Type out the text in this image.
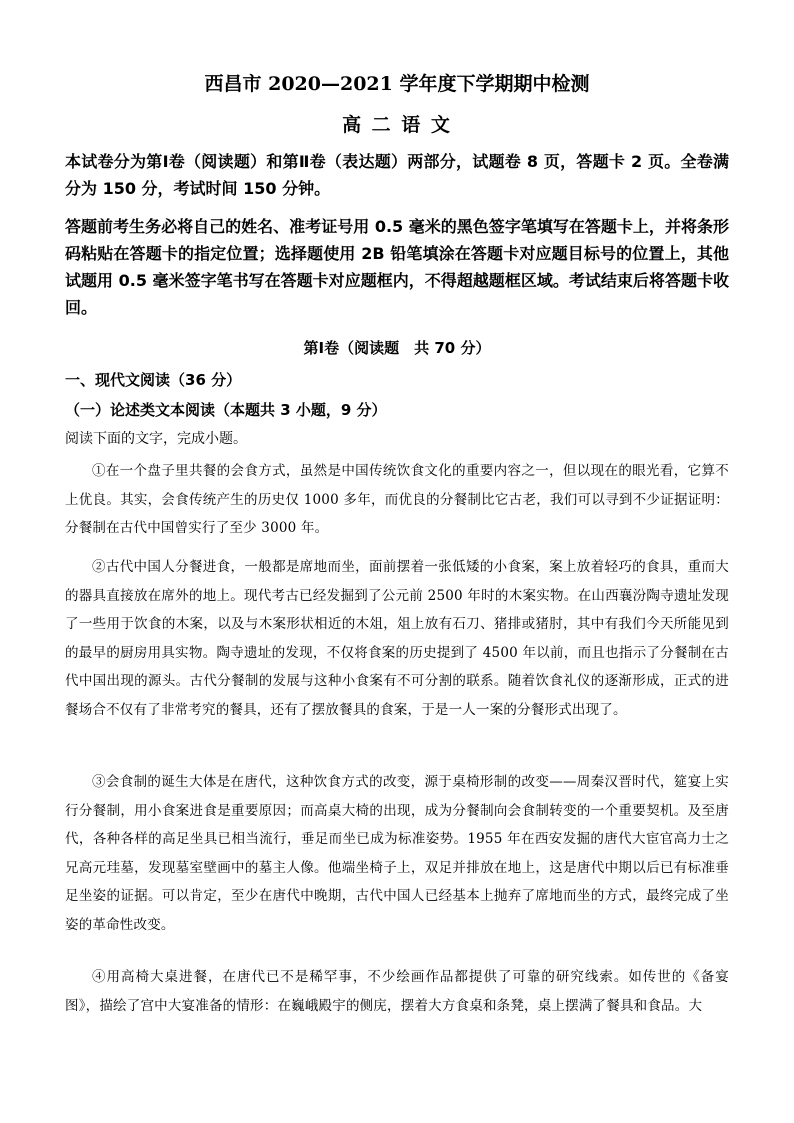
西昌市 2020—2021 学年度下学期期中检测
高 二 语 文
本试卷分为第Ⅰ卷（阅读题）和第Ⅱ卷（表达题）两部分，试题卷 8 页，答题卡 2 页。全卷满分为 150 分，考试时间 150 分钟。
答题前考生务必将自己的姓名、准考证号用 0.5 毫米的黑色签字笔填写在答题卡上，并将条形码粘贴在答题卡的指定位置；选择题使用 2B 铅笔填涂在答题卡对应题目标号的位置上，其他试题用 0.5 毫米签字笔书写在答题卡对应题框内，不得超越题框区域。考试结束后将答题卡收回。
第Ⅰ卷（阅读题　共 70 分）
一、现代文阅读（36 分）
（一）论述类文本阅读（本题共 3 小题，9 分）
阅读下面的文字，完成小题。
①在一个盘子里共餐的会食方式，虽然是中国传统饮食文化的重要内容之一，但以现在的眼光看，它算不上优良。其实，会食传统产生的历史仅 1000 多年，而优良的分餐制比它古老，我们可以寻到不少证据证明：分餐制在古代中国曾实行了至少 3000 年。
②古代中国人分餐进食，一般都是席地而坐，面前摆着一张低矮的小食案，案上放着轻巧的食具，重而大的器具直接放在席外的地上。现代考古已经发掘到了公元前 2500 年时的木案实物。在山西襄汾陶寺遗址发现了一些用于饮食的木案，以及与木案形状相近的木俎，俎上放有石刀、猪排或猪肘，其中有我们今天所能见到的最早的厨房用具实物。陶寺遗址的发现，不仅将食案的历史提到了 4500 年以前，而且也指示了分餐制在古代中国出现的源头。古代分餐制的发展与这种小食案有不可分割的联系。随着饮食礼仪的逐渐形成，正式的进餐场合不仅有了非常考究的餐具，还有了摆放餐具的食案，于是一人一案的分餐形式出现了。
③会食制的诞生大体是在唐代，这种饮食方式的改变，源于桌椅形制的改变——周秦汉晋时代，筵宴上实行分餐制，用小食案进食是重要原因；而高桌大椅的出现，成为分餐制向会食制转变的一个重要契机。及至唐代，各种各样的高足坐具已相当流行，垂足而坐已成为标准姿势。1955 年在西安发掘的唐代大宦官高力士之兄高元珪墓，发现墓室壁画中的墓主人像。他端坐椅子上，双足并排放在地上，这是唐代中期以后已有标准垂足坐姿的证据。可以肯定，至少在唐代中晚期，古代中国人已经基本上抛弃了席地而坐的方式，最终完成了坐姿的革命性改变。
④用高椅大桌进餐，在唐代已不是稀罕事，不少绘画作品都提供了可靠的研究线索。如传世的《备宴图》，描绘了宫中大宴准备的情形：在巍峨殿宇的侧庑，摆着大方食桌和条凳，桌上摆满了餐具和食品。大
